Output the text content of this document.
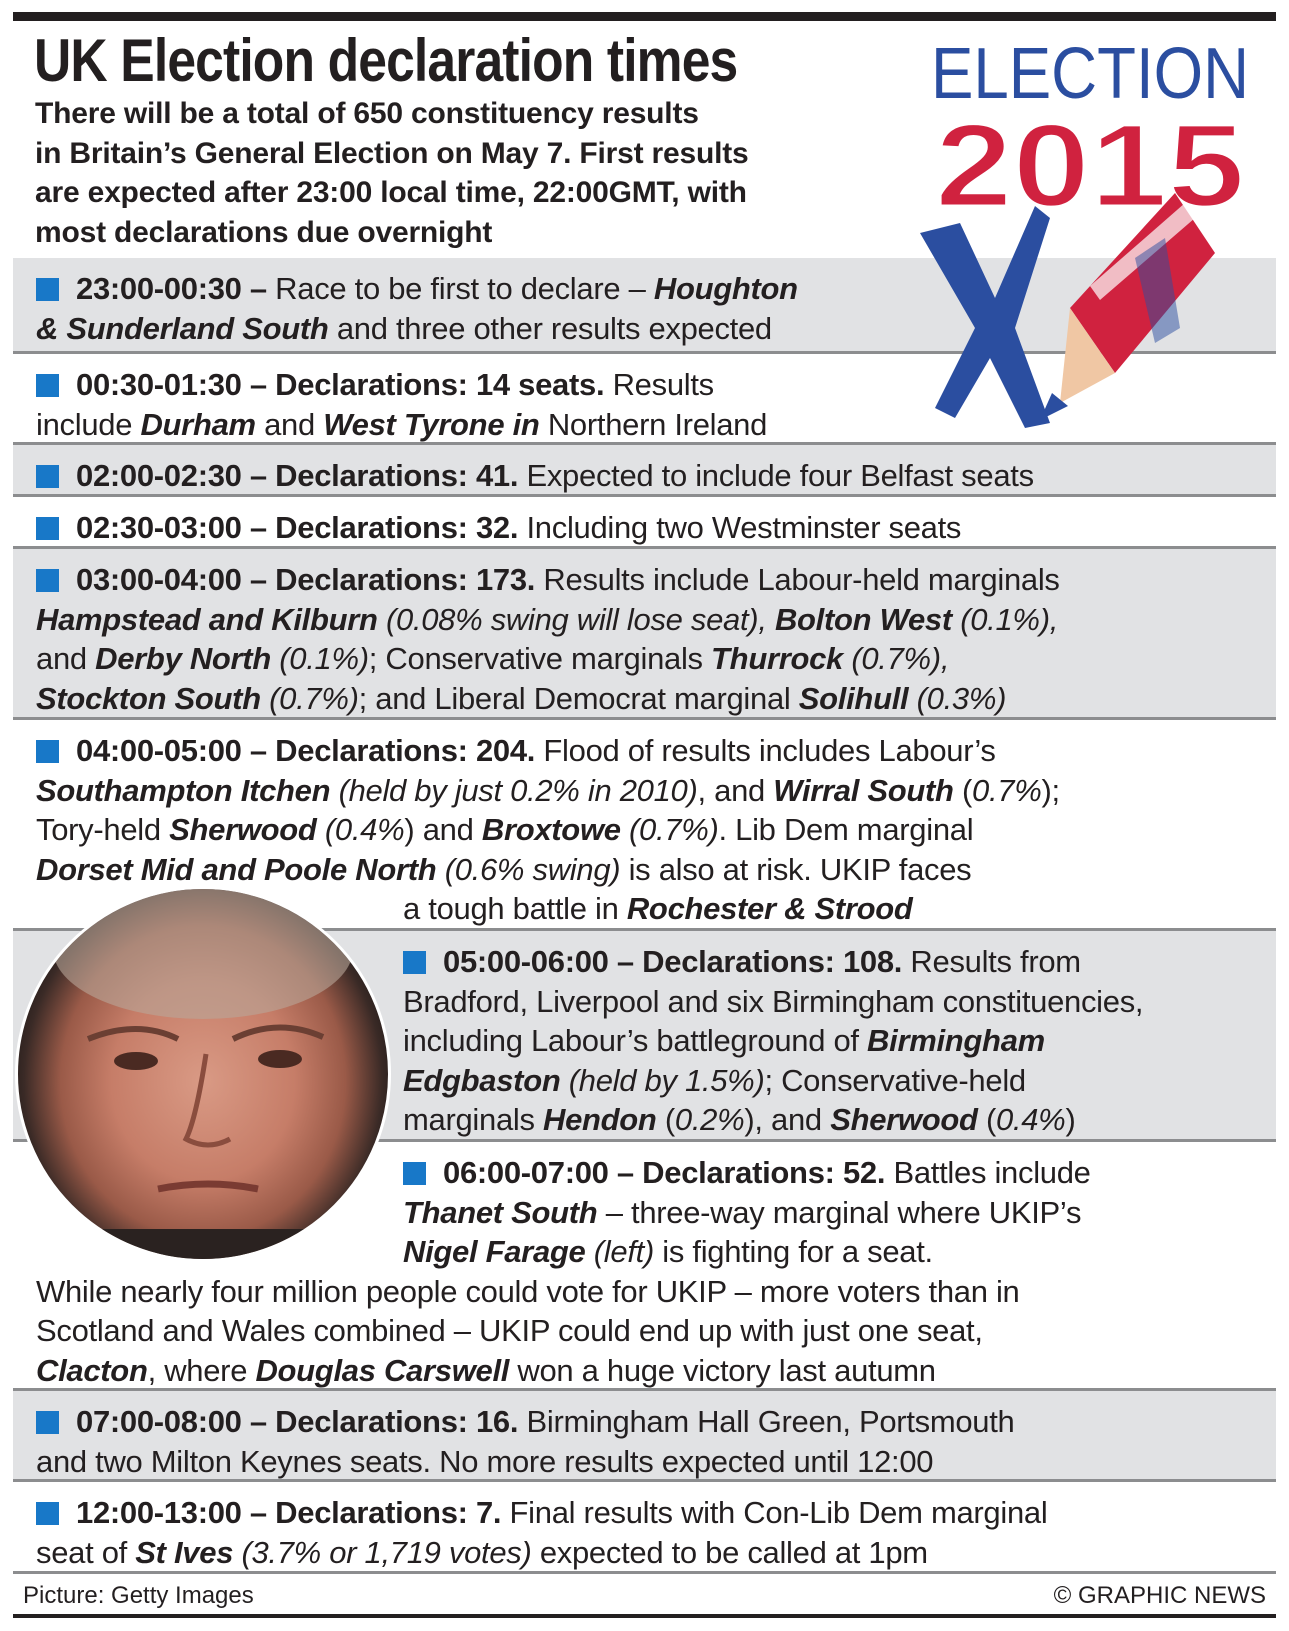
UK Election declaration times
There will be a total of 650 constituency results
in Britain’s General Election on May 7. First results
are expected after 23:00 local time, 22:00GMT, with
most declarations due overnight
23:00-00:30 – Race to be first to declare – Houghton
& Sunderland South and three other results expected
00:30-01:30 – Declarations: 14 seats. Results
include Durham and West Tyrone in Northern Ireland
02:00-02:30 – Declarations: 41. Expected to include four Belfast seats
02:30-03:00 – Declarations: 32. Including two Westminster seats
03:00-04:00 – Declarations: 173. Results include Labour-held marginals
Hampstead and Kilburn (0.08% swing will lose seat), Bolton West (0.1%),
and Derby North (0.1%); Conservative marginals Thurrock (0.7%),
Stockton South (0.7%); and Liberal Democrat marginal Solihull (0.3%)
04:00-05:00 – Declarations: 204. Flood of results includes Labour’s
Southampton Itchen (held by just 0.2% in 2010), and Wirral South (0.7%);
Tory-held Sherwood (0.4%) and Broxtowe (0.7%). Lib Dem marginal
Dorset Mid and Poole North (0.6% swing) is also at risk. UKIP faces
a tough battle in Rochester & Strood
05:00-06:00 – Declarations: 108. Results from
Bradford, Liverpool and six Birmingham constituencies,
including Labour’s battleground of Birmingham
Edgbaston (held by 1.5%); Conservative-held
marginals Hendon (0.2%), and Sherwood (0.4%)
06:00-07:00 – Declarations: 52. Battles include
Thanet South – three-way marginal where UKIP’s
Nigel Farage (left) is fighting for a seat.
While nearly four million people could vote for UKIP – more voters than in
Scotland and Wales combined – UKIP could end up with just one seat,
Clacton, where Douglas Carswell won a huge victory last autumn
07:00-08:00 – Declarations: 16. Birmingham Hall Green, Portsmouth
and two Milton Keynes seats. No more results expected until 12:00
12:00-13:00 – Declarations: 7. Final results with Con-Lib Dem marginal
seat of St Ives (3.7% or 1,719 votes) expected to be called at 1pm
ELECTION
2015
Picture: Getty Images	© GRAPHIC NEWS
